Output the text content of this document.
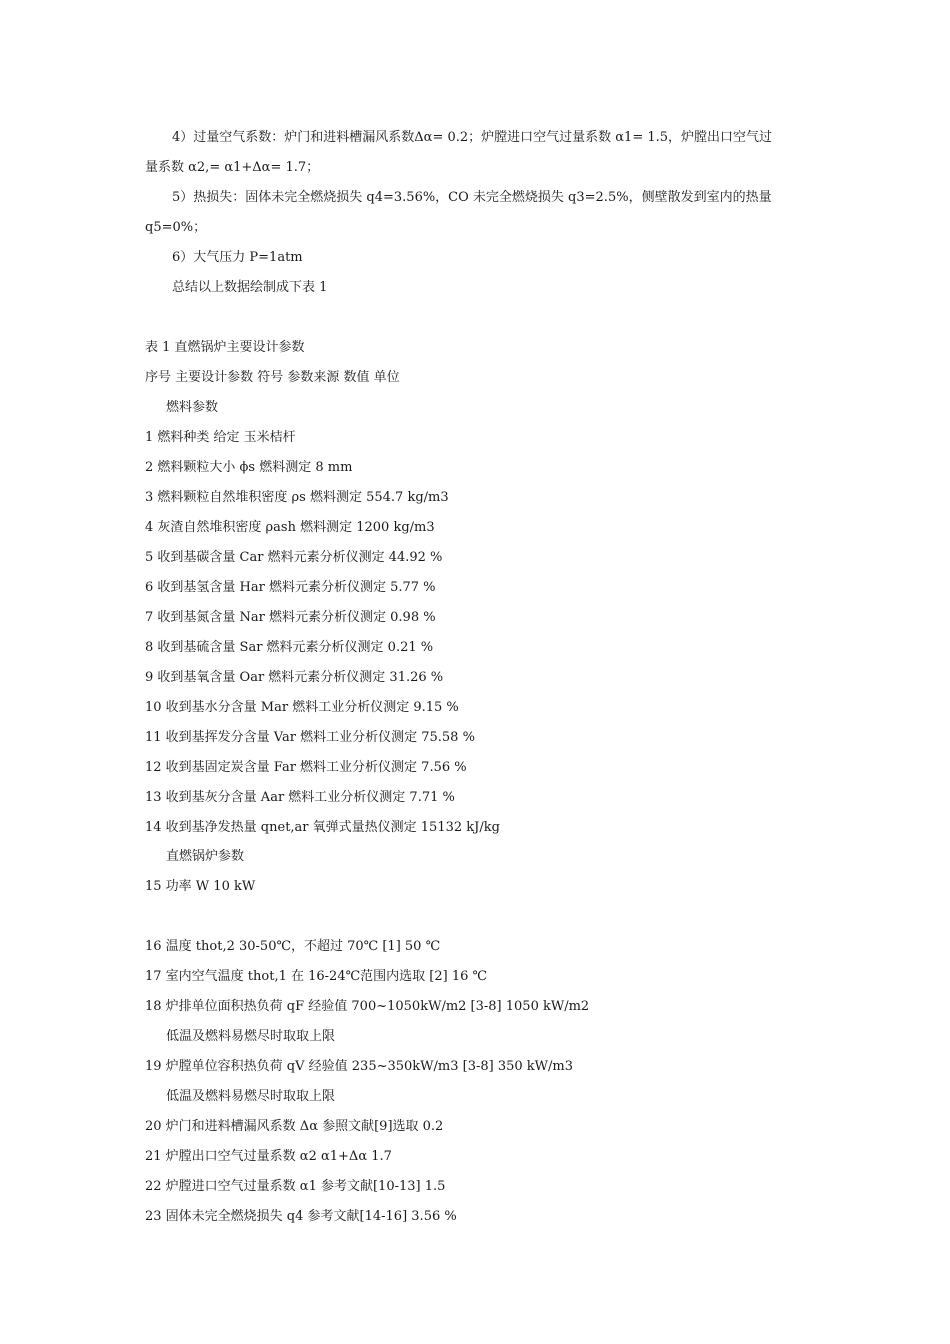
4）过量空气系数：炉门和进料槽漏风系数Δα= 0.2；炉膛进口空气过量系数 α1= 1.5，炉膛出口空气过
量系数 α2,= α1+Δα= 1.7；
5）热损失：固体未完全燃烧损失 q4=3.56%，CO 未完全燃烧损失 q3=2.5%，侧壁散发到室内的热量
q5=0%；
6）大气压力 P=1atm
总结以上数据绘制成下表 1
表 1 直燃锅炉主要设计参数
序号 主要设计参数 符号 参数来源 数值 单位
燃料参数
1 燃料种类 给定 玉米桔杆
2 燃料颗粒大小 ϕs 燃料测定 8 mm
3 燃料颗粒自然堆积密度 ρs 燃料测定 554.7 kg/m3
4 灰渣自然堆积密度 ρash 燃料测定 1200 kg/m3
5 收到基碳含量 Car 燃料元素分析仪测定 44.92 %
6 收到基氢含量 Har 燃料元素分析仪测定 5.77 %
7 收到基氮含量 Nar 燃料元素分析仪测定 0.98 %
8 收到基硫含量 Sar 燃料元素分析仪测定 0.21 %
9 收到基氧含量 Oar 燃料元素分析仪测定 31.26 %
10 收到基水分含量 Mar 燃料工业分析仪测定 9.15 %
11 收到基挥发分含量 Var 燃料工业分析仪测定 75.58 %
12 收到基固定炭含量 Far 燃料工业分析仪测定 7.56 %
13 收到基灰分含量 Aar 燃料工业分析仪测定 7.71 %
14 收到基净发热量 qnet,ar 氧弹式量热仪测定 15132 kJ/kg
直燃锅炉参数
15 功率 W 10 kW
16 温度 thot,2 30-50℃，不超过 70℃ [1] 50 ℃
17 室内空气温度 thot,1 在 16-24℃范围内选取 [2] 16 ℃
18 炉排单位面积热负荷 qF 经验值 700~1050kW/m2 [3-8] 1050 kW/m2
低温及燃料易燃尽时取取上限
19 炉膛单位容积热负荷 qV 经验值 235~350kW/m3 [3-8] 350 kW/m3
低温及燃料易燃尽时取取上限
20 炉门和进料槽漏风系数 Δα 参照文献[9]选取 0.2
21 炉膛出口空气过量系数 α2 α1+Δα 1.7
22 炉膛进口空气过量系数 α1 参考文献[10-13] 1.5
23 固体未完全燃烧损失 q4 参考文献[14-16] 3.56 %
